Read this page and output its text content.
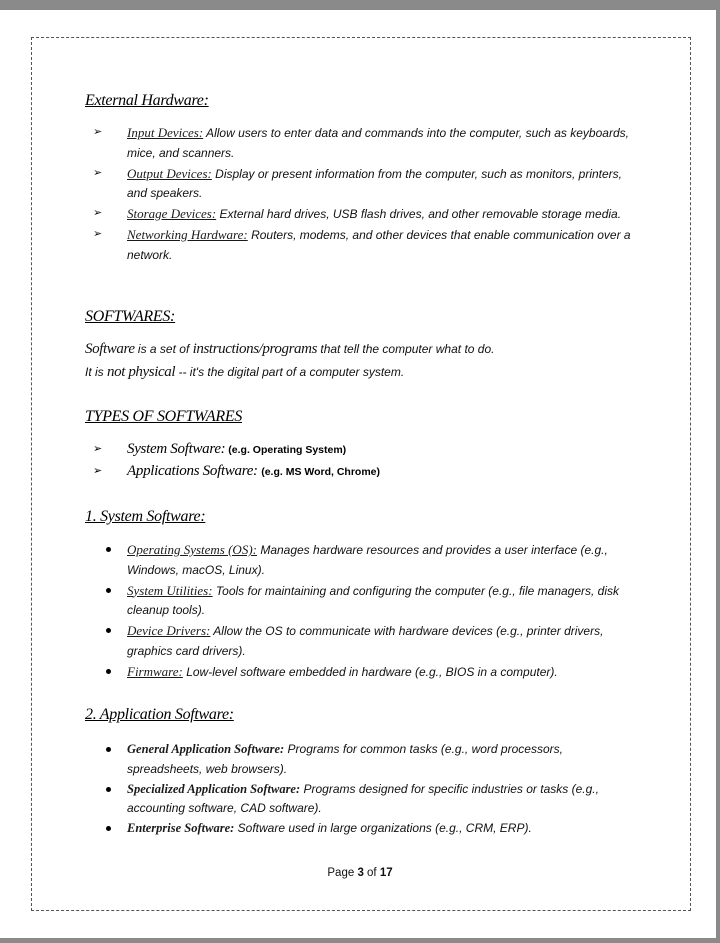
External Hardware:
➢ Input Devices: Allow users to enter data and commands into the computer, such as keyboards, mice, and scanners.
➢ Output Devices: Display or present information from the computer, such as monitors, printers, and speakers.
➢ Storage Devices: External hard drives, USB flash drives, and other removable storage media.
➢ Networking Hardware: Routers, modems, and other devices that enable communication over a network.
SOFTWARES:
Software is a set of instructions/programs that tell the computer what to do.
It is not physical -- it's the digital part of a computer system.
TYPES OF SOFTWARES
➢ System Software: (e.g. Operating System)
➢ Applications Software: (e.g. MS Word, Chrome)
1. System Software:
Operating Systems (OS): Manages hardware resources and provides a user interface (e.g., Windows, macOS, Linux).
System Utilities: Tools for maintaining and configuring the computer (e.g., file managers, disk cleanup tools).
Device Drivers: Allow the OS to communicate with hardware devices (e.g., printer drivers, graphics card drivers).
Firmware: Low-level software embedded in hardware (e.g., BIOS in a computer).
2. Application Software:
General Application Software: Programs for common tasks (e.g., word processors, spreadsheets, web browsers).
Specialized Application Software: Programs designed for specific industries or tasks (e.g., accounting software, CAD software).
Enterprise Software: Software used in large organizations (e.g., CRM, ERP).
Page 3 of 17
